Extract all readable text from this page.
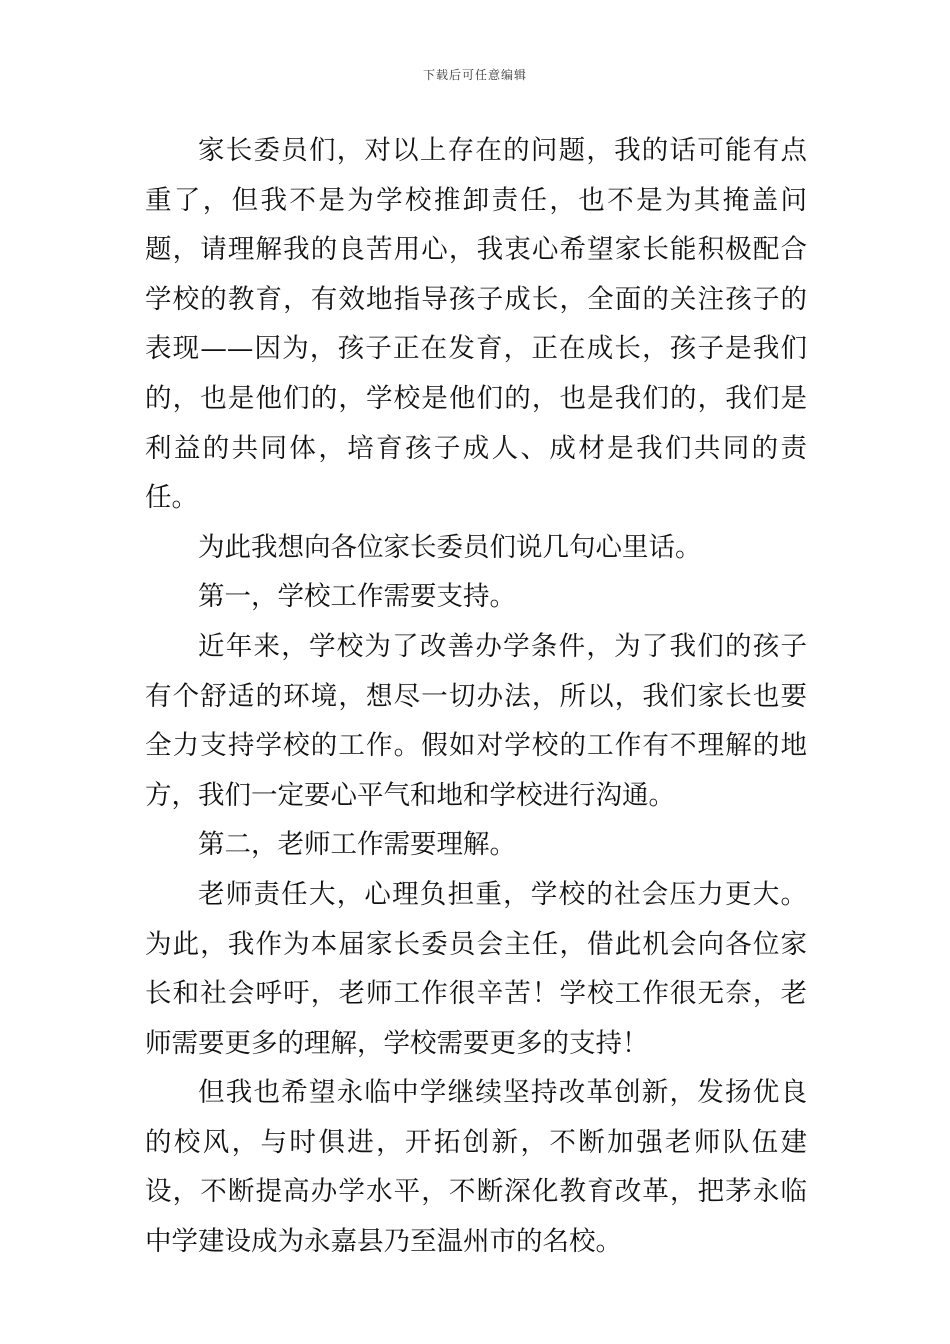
下载后可任意编辑

家长委员们，对以上存在的问题，我的话可能有点重了，但我不是为学校推卸责任，也不是为其掩盖问题，请理解我的良苦用心，我衷心希望家长能积极配合学校的教育，有效地指导孩子成长，全面的关注孩子的表现——因为，孩子正在发育，正在成长，孩子是我们的，也是他们的，学校是他们的，也是我们的，我们是利益的共同体，培育孩子成人、成材是我们共同的责任。

为此我想向各位家长委员们说几句心里话。

第一，学校工作需要支持。

近年来，学校为了改善办学条件，为了我们的孩子有个舒适的环境，想尽一切办法，所以，我们家长也要全力支持学校的工作。假如对学校的工作有不理解的地方，我们一定要心平气和地和学校进行沟通。

第二，老师工作需要理解。

老师责任大，心理负担重，学校的社会压力更大。为此，我作为本届家长委员会主任，借此机会向各位家长和社会呼吁，老师工作很辛苦！学校工作很无奈，老师需要更多的理解，学校需要更多的支持！

但我也希望永临中学继续坚持改革创新，发扬优良的校风，与时俱进，开拓创新，不断加强老师队伍建设，不断提高办学水平，不断深化教育改革，把茅永临中学建设成为永嘉县乃至温州市的名校。
